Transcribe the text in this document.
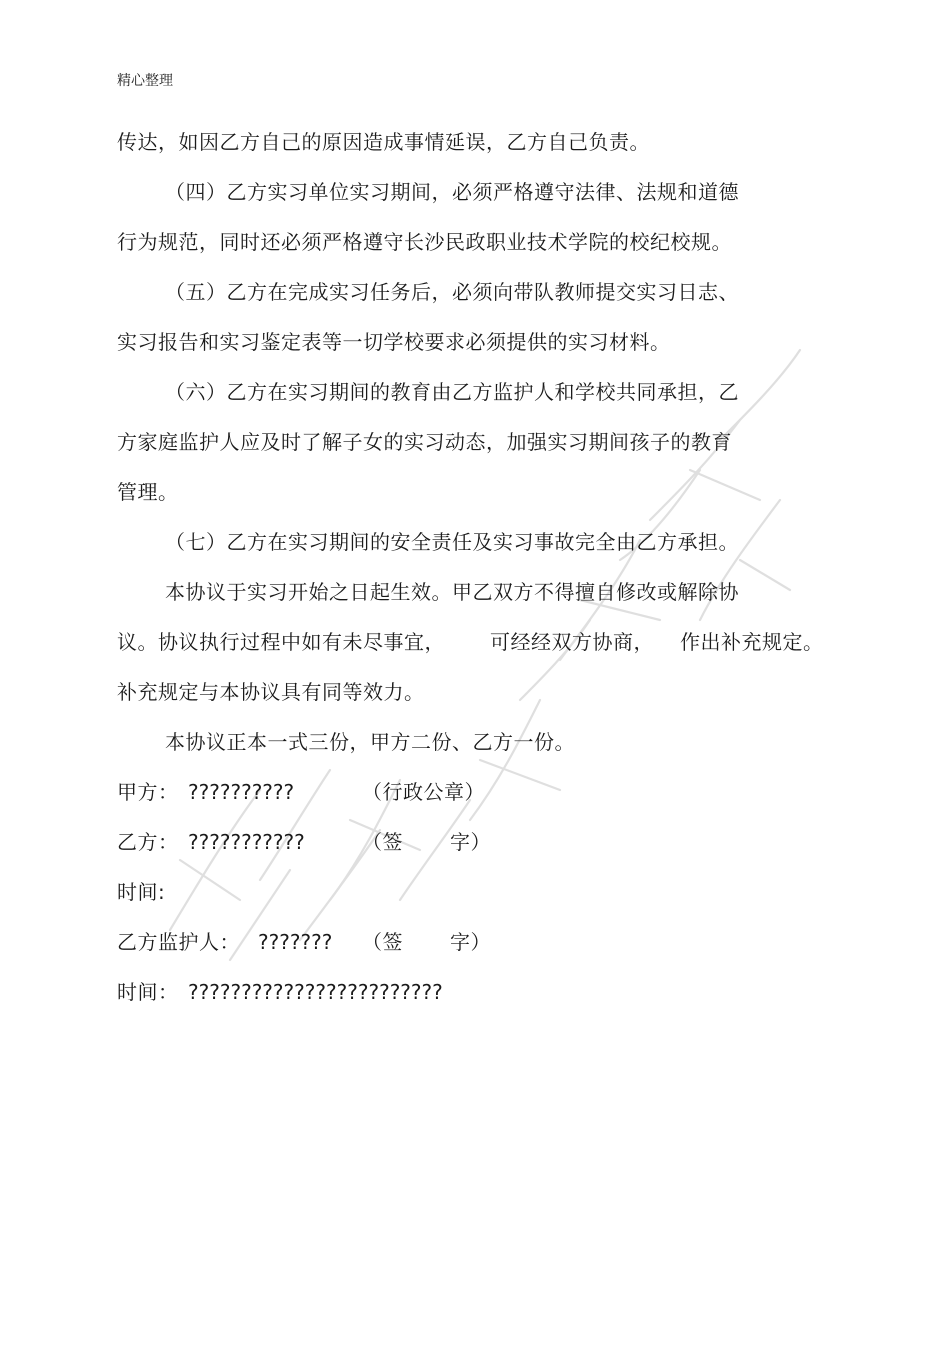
精心整理
传达，如因乙方自己的原因造成事情延误，乙方自己负责。
（四）乙方实习单位实习期间，必须严格遵守法律、法规和道德
行为规范，同时还必须严格遵守长沙民政职业技术学院的校纪校规。
（五）乙方在完成实习任务后，必须向带队教师提交实习日志、
实习报告和实习鉴定表等一切学校要求必须提供的实习材料。
（六）乙方在实习期间的教育由乙方监护人和学校共同承担，乙
方家庭监护人应及时了解子女的实习动态，加强实习期间孩子的教育
管理。
（七）乙方在实习期间的安全责任及实习事故完全由乙方承担。
本协议于实习开始之日起生效。甲乙双方不得擅自修改或解除协
议。协议执行过程中如有未尽事宜， 可经经双方协商， 作出补充规定。
补充规定与本协议具有同等效力。
本协议正本一式三份，甲方二份、乙方一份。
甲方： ??????????	（行政公章）
乙方： ???????????	（签 字）
时间:
乙方监护人： ??????? （签 字）
时间： ????????????????????????
